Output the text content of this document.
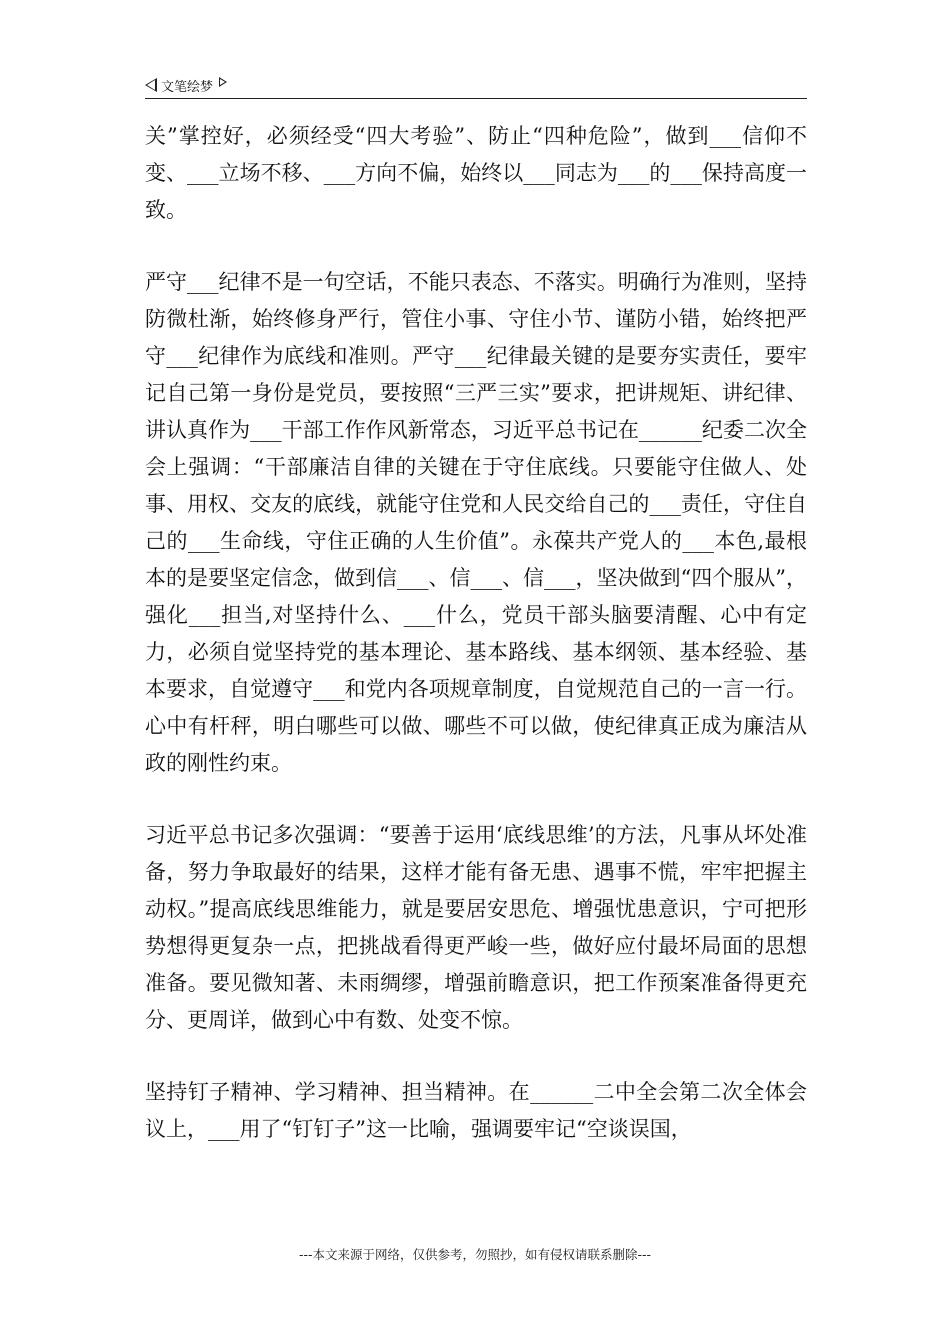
文笔绘梦

关”掌控好，必须经受“四大考验”、防止“四种危险”，做到___信仰不变、___立场不移、___方向不偏，始终以___同志为___的___保持高度一致。

严守___纪律不是一句空话，不能只表态、不落实。明确行为准则，坚持防微杜渐，始终修身严行，管住小事、守住小节、谨防小错，始终把严守___纪律作为底线和准则。严守___纪律最关键的是要夯实责任，要牢记自己第一身份是党员，要按照“三严三实”要求，把讲规矩、讲纪律、讲认真作为___干部工作作风新常态，习近平总书记在______纪委二次全会上强调：“干部廉洁自律的关键在于守住底线。只要能守住做人、处事、用权、交友的底线，就能守住党和人民交给自己的___责任，守住自己的___生命线，守住正确的人生价值”。永葆共产党人的___本色,最根本的是要坚定信念，做到信___、信___、信___，坚决做到“四个服从”，强化___担当,对坚持什么、___什么，党员干部头脑要清醒、心中有定力，必须自觉坚持党的基本理论、基本路线、基本纲领、基本经验、基本要求，自觉遵守___和党内各项规章制度，自觉规范自己的一言一行。心中有杆秤，明白哪些可以做、哪些不可以做，使纪律真正成为廉洁从政的刚性约束。

习近平总书记多次强调：“要善于运用‘底线思维’的方法，凡事从坏处准备，努力争取最好的结果，这样才能有备无患、遇事不慌，牢牢把握主动权。”提高底线思维能力，就是要居安思危、增强忧患意识，宁可把形势想得更复杂一点，把挑战看得更严峻一些，做好应付最坏局面的思想准备。要见微知著、未雨绸缪，增强前瞻意识，把工作预案准备得更充分、更周详，做到心中有数、处变不惊。

坚持钉子精神、学习精神、担当精神。在______二中全会第二次全体会议上，___用了“钉钉子”这一比喻，强调要牢记“空谈误国，

---本文来源于网络，仅供参考，勿照抄，如有侵权请联系删除---
